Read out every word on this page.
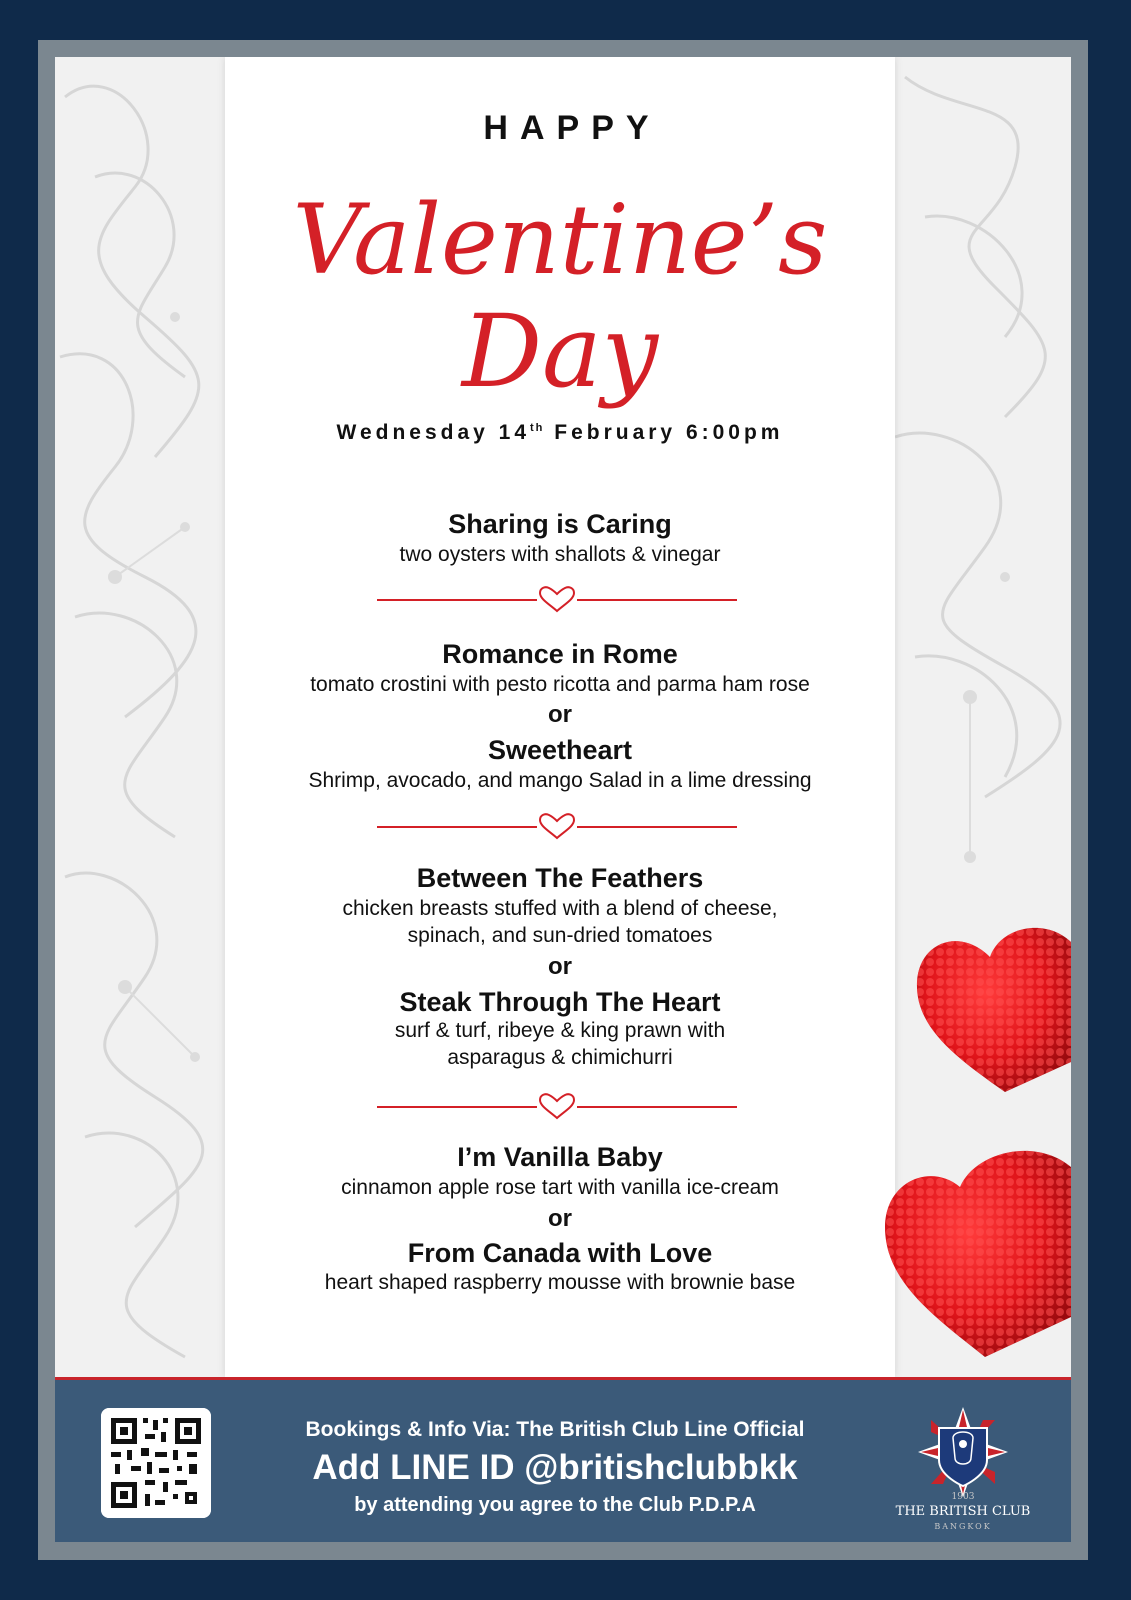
HAPPY
Valentine’s
Day
Wednesday 14th February 6:00pm
Sharing is Caring
two oysters with shallots & vinegar
Romance in Rome
tomato crostini with pesto ricotta and parma ham rose
or
Sweetheart
Shrimp, avocado, and mango Salad in a lime dressing
Between The Feathers
chicken breasts stuffed with a blend of cheese,
spinach, and sun-dried tomatoes
or
Steak Through The Heart
surf & turf, ribeye & king prawn with
asparagus & chimichurri
I’m Vanilla Baby
cinnamon apple rose tart with vanilla ice-cream
or
From Canada with Love
heart shaped raspberry mousse with brownie base
Bookings & Info Via: The British Club Line Official
Add LINE ID @britishclubbkk
by attending you agree to the Club P.D.P.A	1903
THE BRITISH CLUB
BANGKOK
